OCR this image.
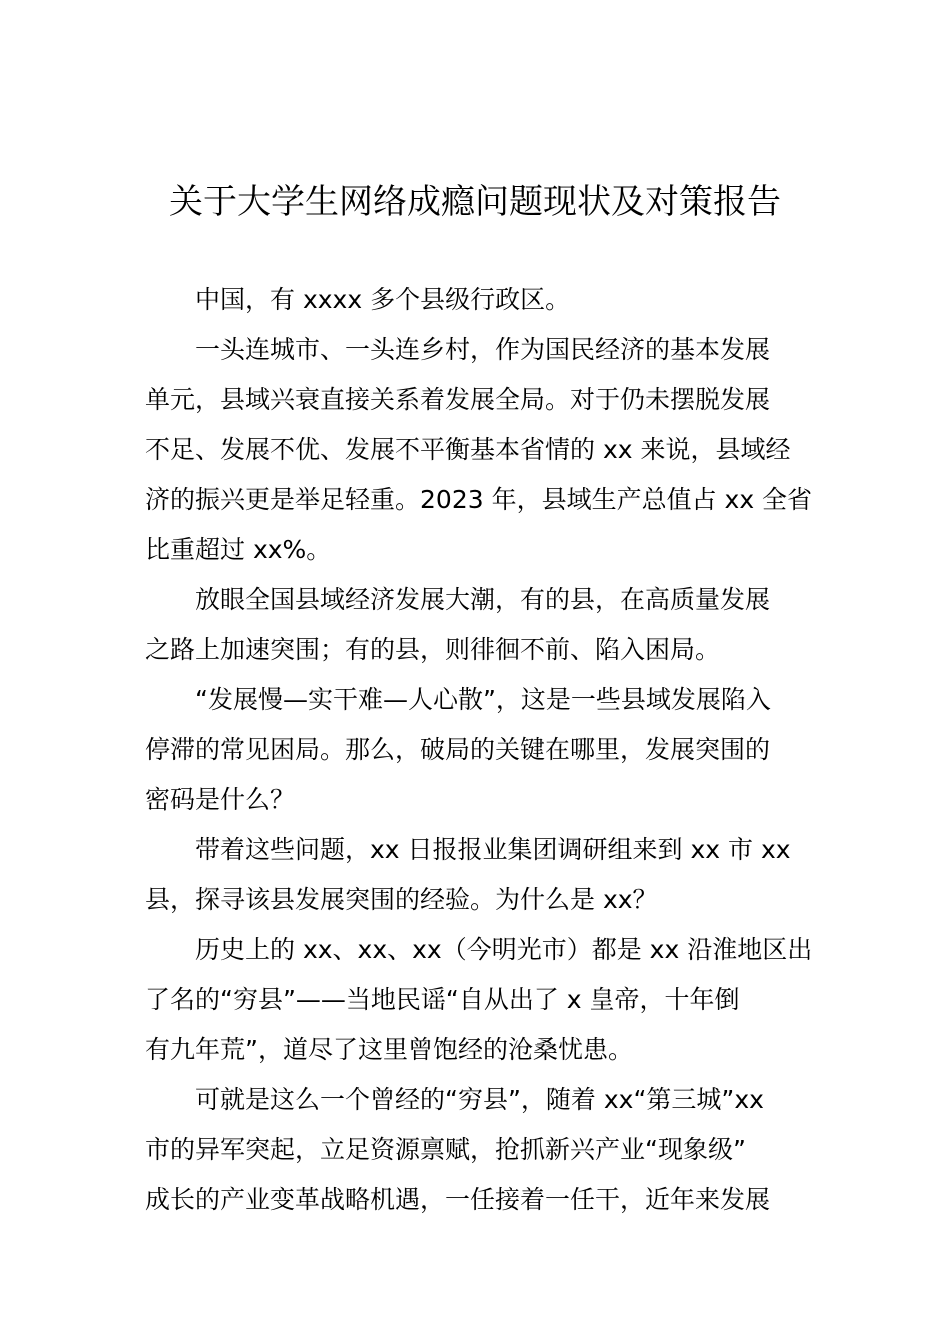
关于大学生网络成瘾问题现状及对策报告
中国，有 xxxx 多个县级行政区。
一头连城市、一头连乡村，作为国民经济的基本发展
单元，县域兴衰直接关系着发展全局。对于仍未摆脱发展
不足、发展不优、发展不平衡基本省情的 xx 来说，县域经
济的振兴更是举足轻重。2023 年，县域生产总值占 xx 全省
比重超过 xx%。
放眼全国县域经济发展大潮，有的县，在高质量发展
之路上加速突围；有的县，则徘徊不前、陷入困局。
“发展慢—实干难—人心散”，这是一些县域发展陷入
停滞的常见困局。那么，破局的关键在哪里，发展突围的
密码是什么？
带着这些问题，xx 日报报业集团调研组来到 xx 市 xx
县，探寻该县发展突围的经验。为什么是 xx？
历史上的 xx、xx、xx（今明光市）都是 xx 沿淮地区出
了名的“穷县”——当地民谣“自从出了 x 皇帝，十年倒
有九年荒”，道尽了这里曾饱经的沧桑忧患。
可就是这么一个曾经的“穷县”，随着 xx“第三城”xx
市的异军突起，立足资源禀赋，抢抓新兴产业“现象级”
成长的产业变革战略机遇，一任接着一任干，近年来发展
